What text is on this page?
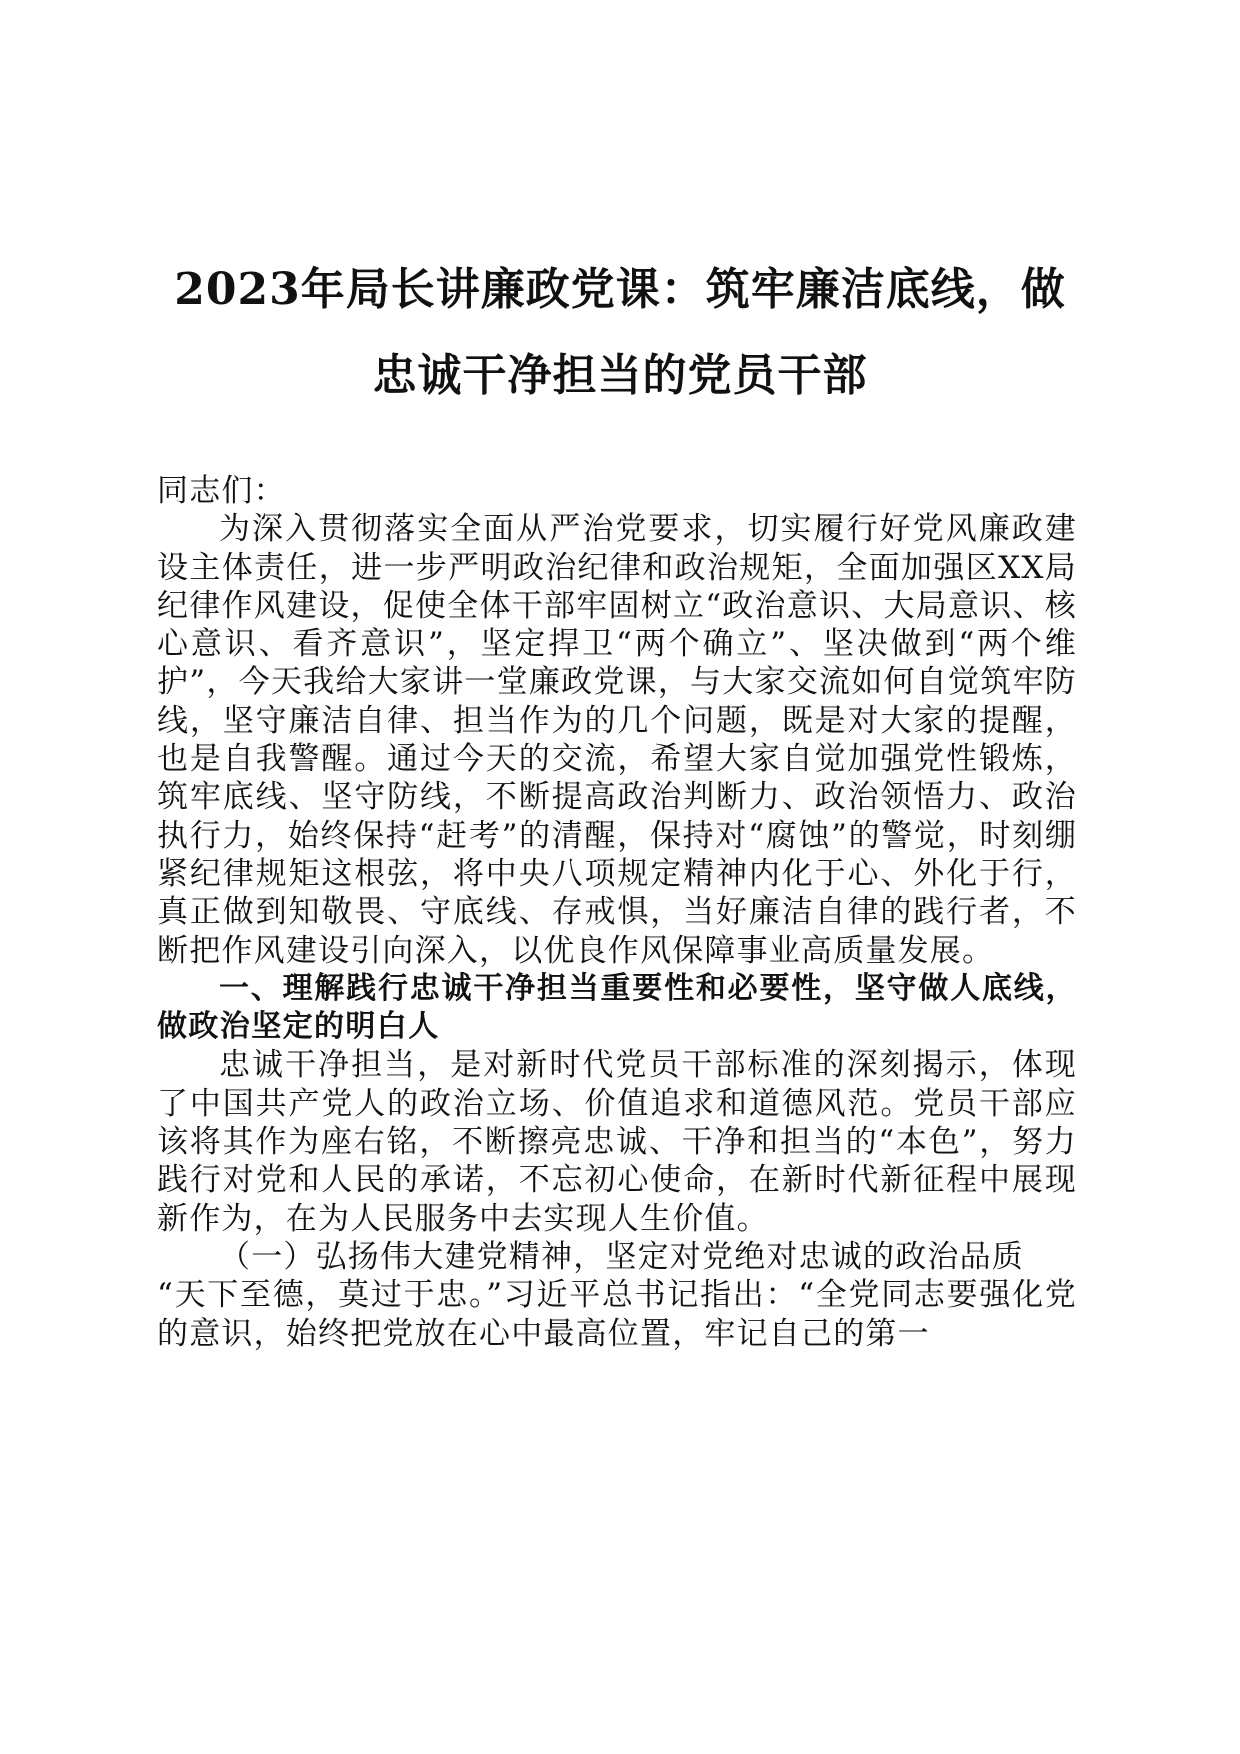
2023年局长讲廉政党课：筑牢廉洁底线，做
忠诚干净担当的党员干部

同志们：

为深入贯彻落实全面从严治党要求，切实履行好党风廉政建设主体责任，进一步严明政治纪律和政治规矩，全面加强区XX局纪律作风建设，促使全体干部牢固树立“政治意识、大局意识、核心意识、看齐意识”，坚定捍卫“两个确立”、坚决做到“两个维护”，今天我给大家讲一堂廉政党课，与大家交流如何自觉筑牢防线，坚守廉洁自律、担当作为的几个问题，既是对大家的提醒，也是自我警醒。通过今天的交流，希望大家自觉加强党性锻炼，筑牢底线、坚守防线，不断提高政治判断力、政治领悟力、政治执行力，始终保持“赶考”的清醒，保持对“腐蚀”的警觉，时刻绷紧纪律规矩这根弦，将中央八项规定精神内化于心、外化于行，真正做到知敬畏、守底线、存戒惧，当好廉洁自律的践行者，不断把作风建设引向深入，以优良作风保障事业高质量发展。

一、理解践行忠诚干净担当重要性和必要性，坚守做人底线，做政治坚定的明白人

忠诚干净担当，是对新时代党员干部标准的深刻揭示，体现了中国共产党人的政治立场、价值追求和道德风范。党员干部应该将其作为座右铭，不断擦亮忠诚、干净和担当的“本色”，努力践行对党和人民的承诺，不忘初心使命，在新时代新征程中展现新作为，在为人民服务中去实现人生价值。

（一）弘扬伟大建党精神，坚定对党绝对忠诚的政治品质

“天下至德，莫过于忠。”习近平总书记指出：“全党同志要强化党的意识，始终把党放在心中最高位置，牢记自己的第一
